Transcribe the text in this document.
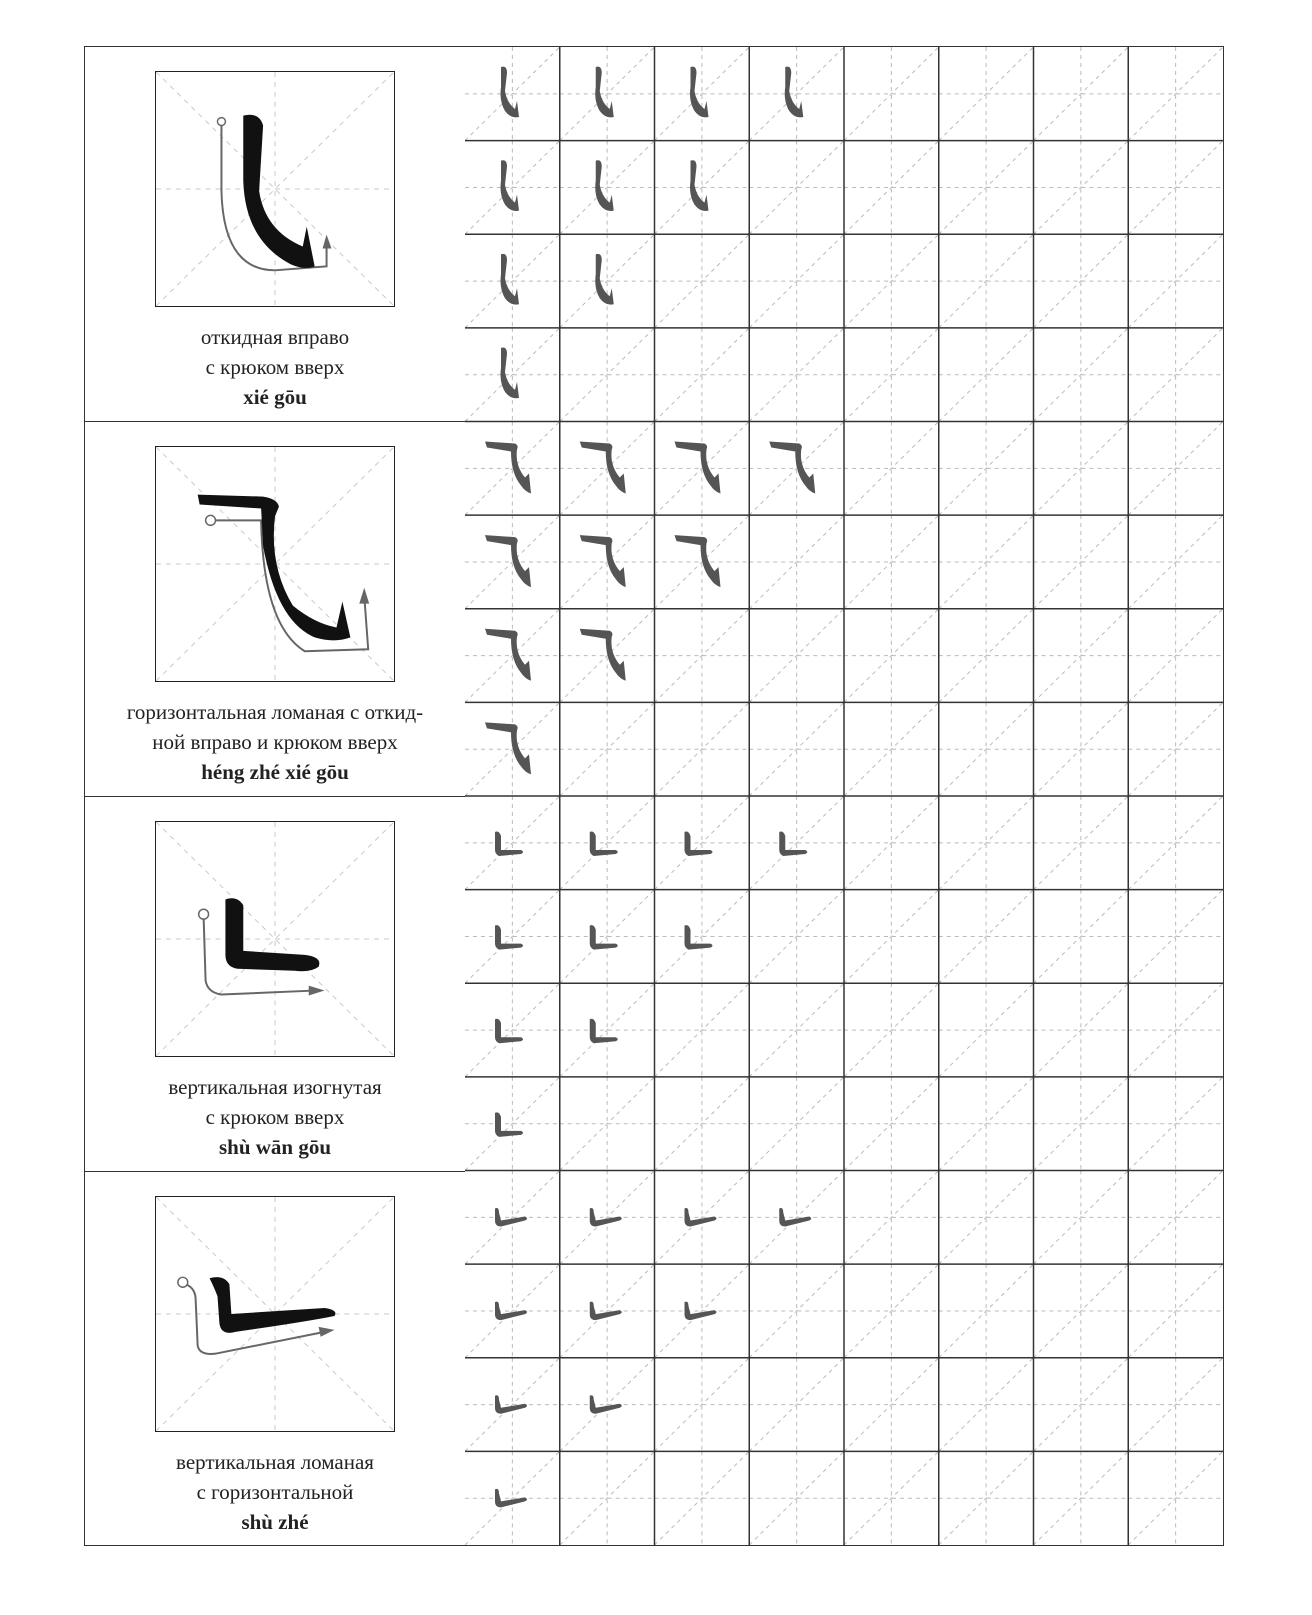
откидная вправо
с крюком вверх
xié gōu
горизонтальная ломаная с откид-
ной вправо и крюком вверх
héng zhé xié gōu
вертикальная изогнутая
с крюком вверх
shù wān gōu
вертикальная ломаная
с горизонтальной
shù zhé
